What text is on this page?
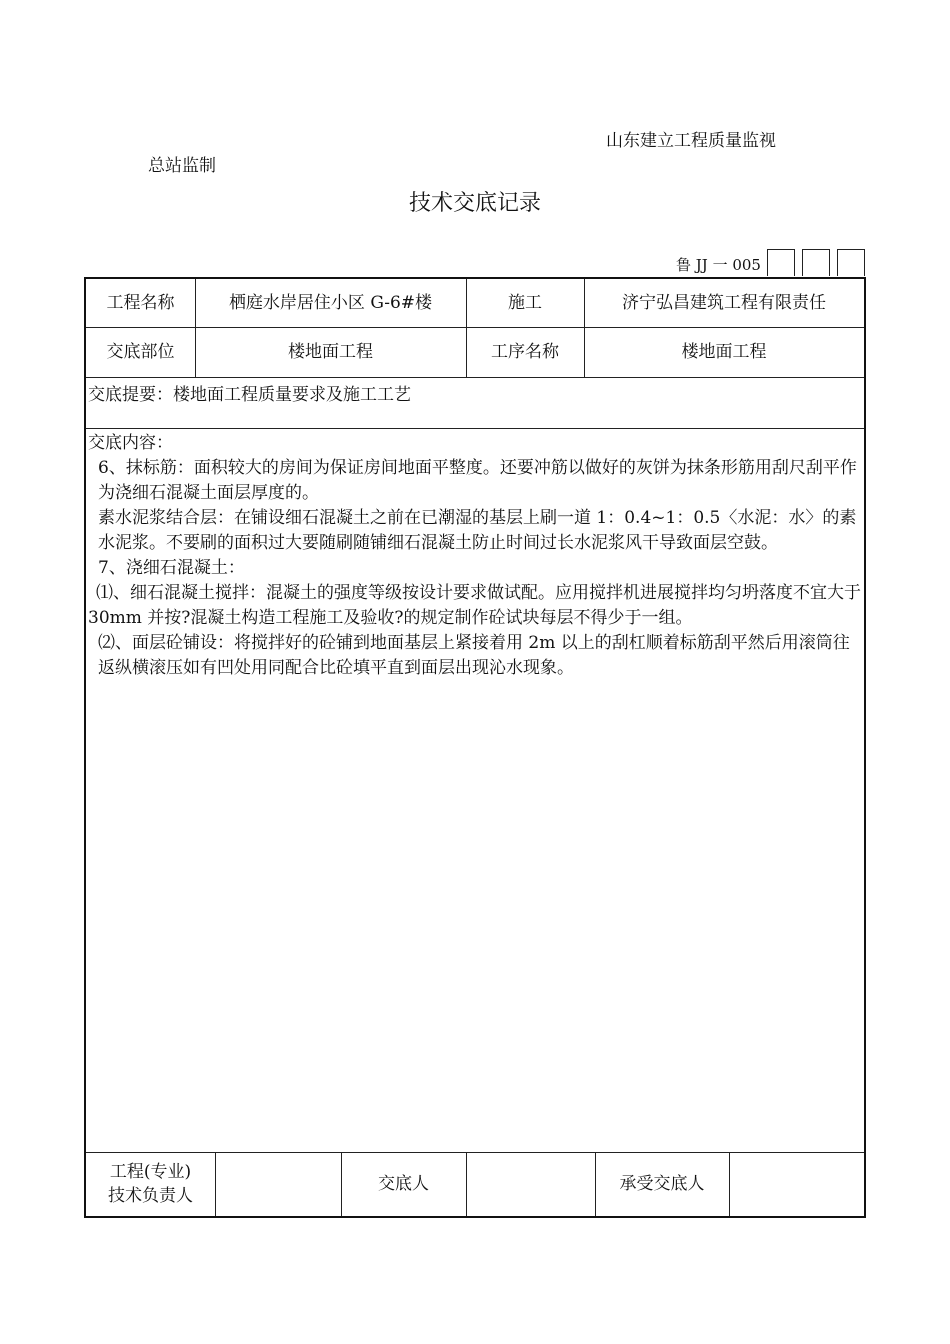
山东建立工程质量监视
总站监制
技术交底记录
鲁 JJ 一 005
工程名称	栖庭水岸居住小区 G-6#楼	施工	济宁弘昌建筑工程有限责任
交底部位	楼地面工程	工序名称	楼地面工程
交底提要：楼地面工程质量要求及施工工艺

交底内容：

6、抹标筋：面积较大的房间为保证房间地面平整度。还要冲筋以做好的灰饼为抹条形筋用刮尺刮平作为浇细石混凝土面层厚度的。

素水泥浆结合层：在铺设细石混凝土之前在已潮湿的基层上刷一道 1：0.4~1：0.5〈水泥：水〉的素水泥浆。不要刷的面积过大要随刷随铺细石混凝土防止时间过长水泥浆风干导致面层空鼓。

7、浇细石混凝土：

⑴、细石混凝土搅拌：混凝土的强度等级按设计要求做试配。应用搅拌机进展搅拌均匀坍落度不宜大于 30mm 并按?混凝土构造工程施工及验收?的规定制作砼试块每层不得少于一组。

⑵、面层砼铺设：将搅拌好的砼铺到地面基层上紧接着用 2m 以上的刮杠顺着标筋刮平然后用滚筒往返纵横滚压如有凹处用同配合比砼填平直到面层出现沁水现象。

工程(专业)
技术负责人
交底人	承受交底人
